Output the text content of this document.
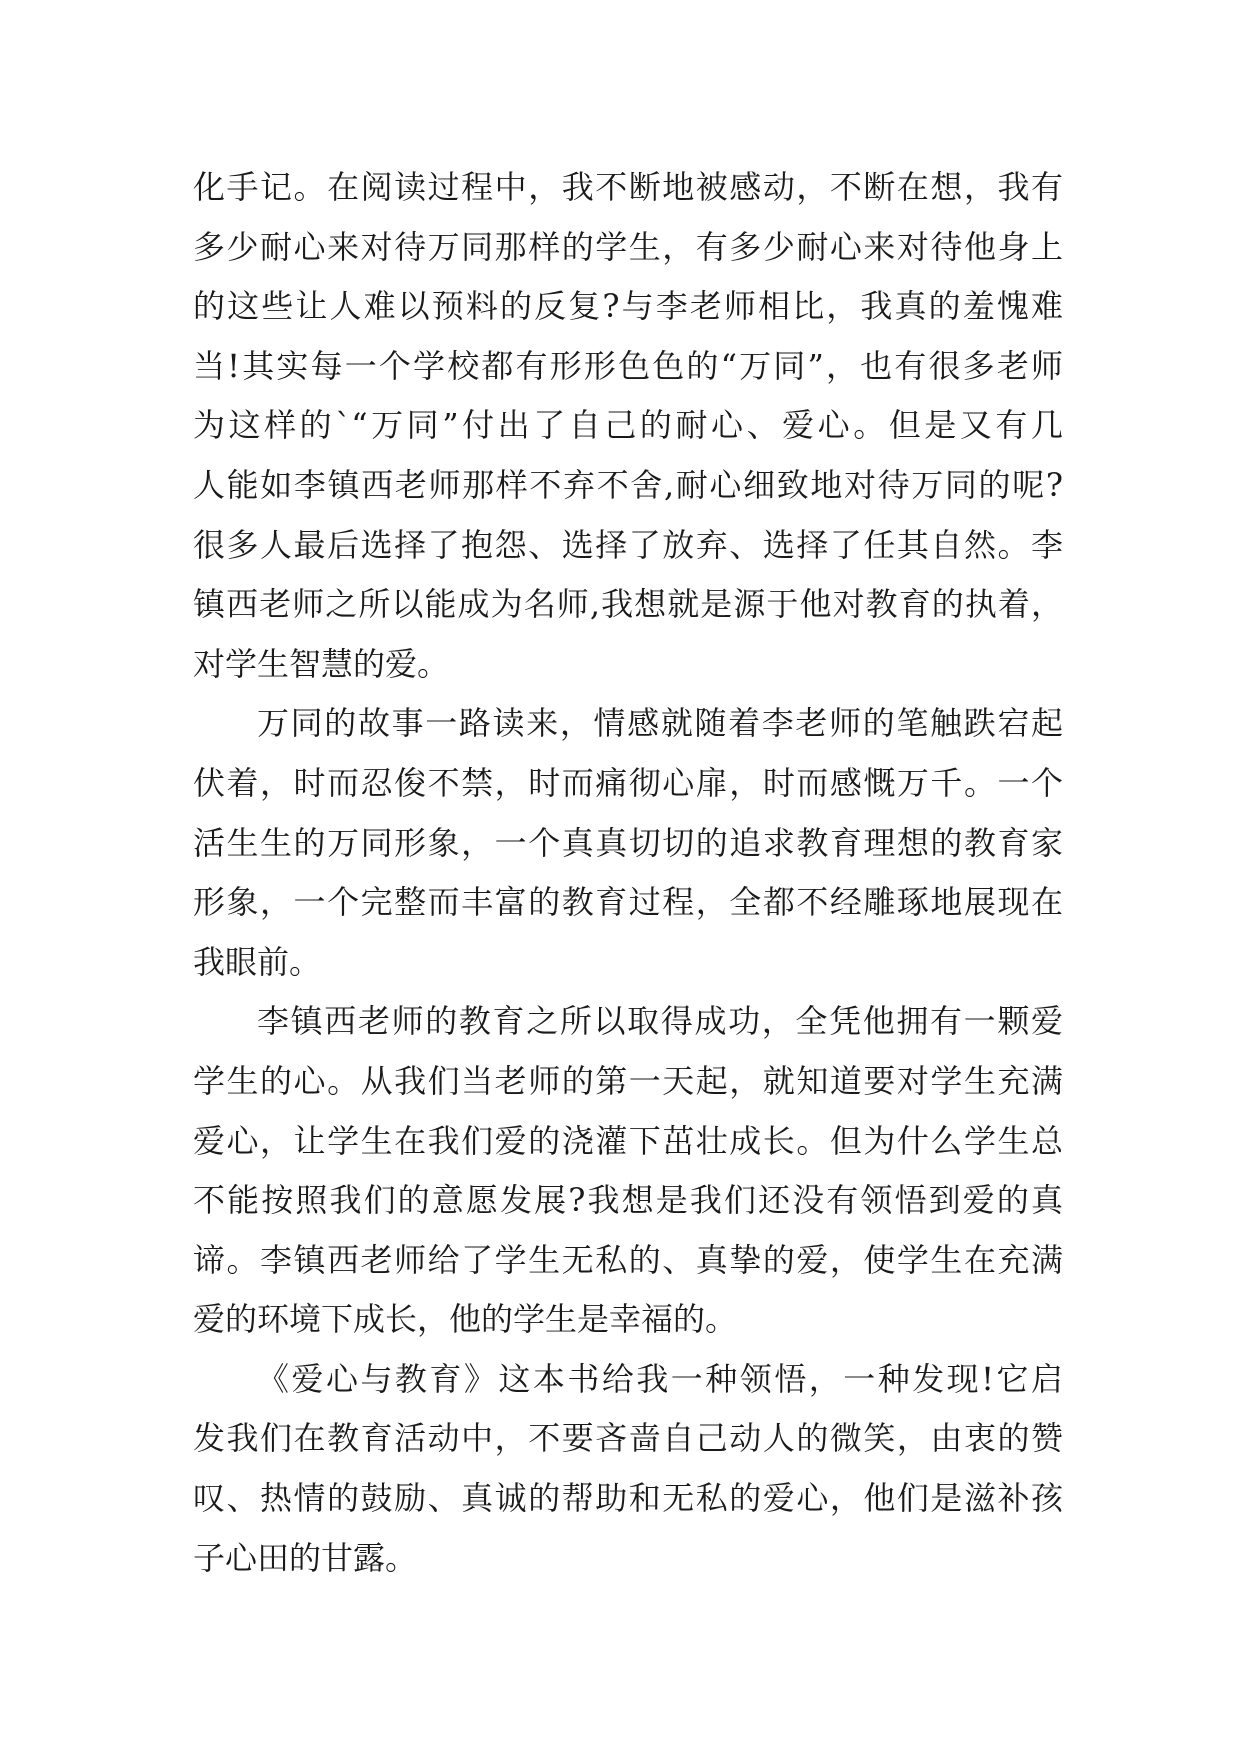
化手记。在阅读过程中，我不断地被感动，不断在想，我有
多少耐心来对待万同那样的学生，有多少耐心来对待他身上
的这些让人难以预料的反复?与李老师相比，我真的羞愧难
当!其实每一个学校都有形形色色的“万同”，也有很多老师
为这样的`“万同”付出了自己的耐心、爱心。但是又有几
人能如李镇西老师那样不弃不舍,耐心细致地对待万同的呢?
很多人最后选择了抱怨、选择了放弃、选择了任其自然。李
镇西老师之所以能成为名师,我想就是源于他对教育的执着，
对学生智慧的爱。
万同的故事一路读来，情感就随着李老师的笔触跌宕起
伏着，时而忍俊不禁，时而痛彻心扉，时而感慨万千。一个
活生生的万同形象，一个真真切切的追求教育理想的教育家
形象，一个完整而丰富的教育过程，全都不经雕琢地展现在
我眼前。
李镇西老师的教育之所以取得成功，全凭他拥有一颗爱
学生的心。从我们当老师的第一天起，就知道要对学生充满
爱心，让学生在我们爱的浇灌下茁壮成长。但为什么学生总
不能按照我们的意愿发展?我想是我们还没有领悟到爱的真
谛。李镇西老师给了学生无私的、真挚的爱，使学生在充满
爱的环境下成长，他的学生是幸福的。
《爱心与教育》这本书给我一种领悟，一种发现!它启
发我们在教育活动中，不要吝啬自己动人的微笑，由衷的赞
叹、热情的鼓励、真诚的帮助和无私的爱心，他们是滋补孩
子心田的甘露。
